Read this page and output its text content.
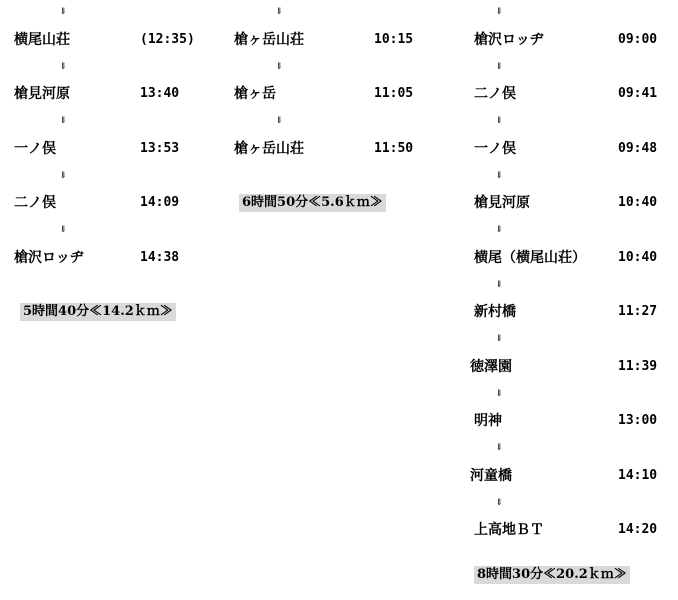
⇓
横尾山荘	(12:35)
⇓
槍見河原	13:40
⇓
一ノ俣	13:53
⇓
二ノ俣	14:09
⇓
槍沢ロッヂ	14:38
5時間40分≪14.2ｋｍ≫
⇓
槍ヶ岳山荘	10:15
⇓
槍ヶ岳	11:05
⇓
槍ヶ岳山荘	11:50
6時間50分≪5.6ｋｍ≫
⇓
槍沢ロッヂ	09:00
⇓
二ノ俣	09:41
⇓
一ノ俣	09:48
⇓
槍見河原	10:40
⇓
横尾（横尾山荘） 10:40
⇓
新村橋	11:27
⇓
徳澤園	11:39
⇓
明神	13:00
⇓
河童橋	14:10
⇓
上高地ＢＴ	14:20
8時間30分≪20.2ｋｍ≫
